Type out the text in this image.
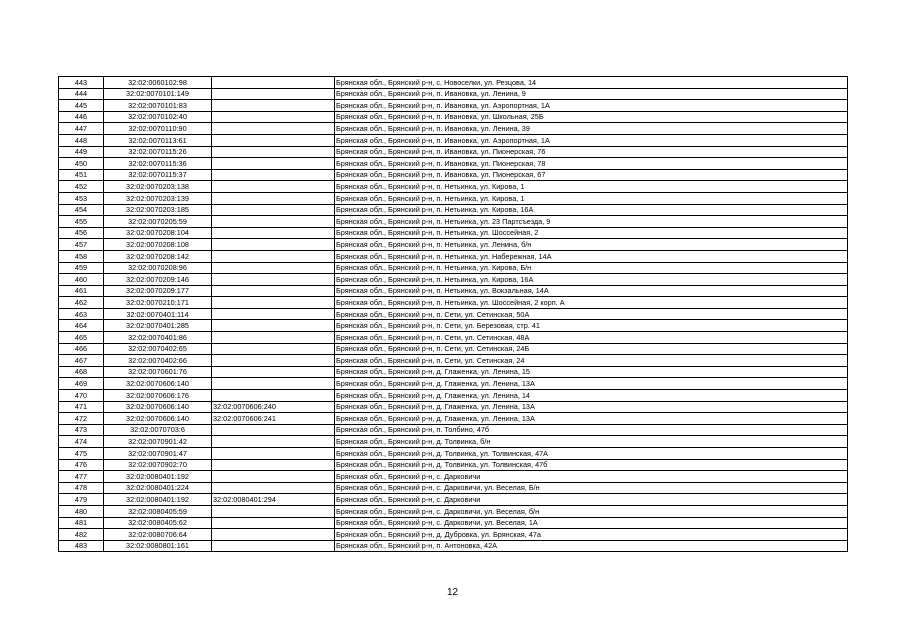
443	32:02:0060102:98		Брянская обл., Брянский р-н, с. Новоселки, ул. Резцова, 14
444	32:02:0070101:149		Брянская обл., Брянский р-н, п. Ивановка, ул. Ленина, 9
445	32:02:0070101:83		Брянская обл., Брянский р-н, п. Ивановка, ул. Аэропортная, 1А
446	32:02:0070102:40		Брянская обл., Брянский р-н, п. Ивановка, ул. Школьная, 25Б
447	32:02:0070110:90		Брянская обл., Брянский р-н, п. Ивановка, ул. Ленина, 39
448	32:02:0070113:61		Брянская обл., Брянский р-н, п. Ивановка, ул. Аэропортная, 1А
449	32:02:0070115:26		Брянская обл., Брянский р-н, п. Ивановка, ул. Пионерская, 76
450	32:02:0070115:36		Брянская обл., Брянский р-н, п. Ивановка, ул. Пионерская, 78
451	32:02:0070115:37		Брянская обл., Брянский р-н, п. Ивановка, ул. Пионерская, 67
452	32:02:0070203:138		Брянская обл., Брянский р-н, п. Нетьинка, ул. Кирова, 1
453	32:02:0070203:139		Брянская обл., Брянский р-н, п. Нетьинка, ул. Кирова, 1
454	32:02:0070203:185		Брянская обл., Брянский р-н, п. Нетьинка, ул. Кирова, 16А
455	32:02:0070205:59		Брянская обл., Брянский р-н, п. Нетьинка, ул. 23 Партсъезда, 9
456	32:02:0070208:104		Брянская обл., Брянский р-н, п. Нетьинка, ул. Шоссейная, 2
457	32:02:0070208:108		Брянская обл., Брянский р-н, п. Нетьинка, ул. Ленина, б/н
458	32:02:0070208:142		Брянская обл., Брянский р-н, п. Нетьинка, ул. Набережная, 14А
459	32:02:0070208:96		Брянская обл., Брянский р-н, п. Нетьинка, ул. Кирова, Б/н
460	32:02:0070209:146		Брянская обл., Брянский р-н, п. Нетьинка, ул. Кирова, 16А
461	32:02:0070209:177		Брянская обл., Брянский р-н, п. Нетьинка, ул. Вокзальная, 14А
462	32:02:0070210:171		Брянская обл., Брянский р-н, п. Нетьинка, ул. Шоссейная, 2 корп. А
463	32:02:0070401:114		Брянская обл., Брянский р-н, п. Сети, ул. Сетинская, 50А
464	32:02:0070401:285		Брянская обл., Брянский р-н, п. Сети, ул. Березовая, стр. 41
465	32:02:0070401:86		Брянская обл., Брянский р-н, п. Сети, ул. Сетинская, 48А
466	32:02:0070402:65		Брянская обл., Брянский р-н, п. Сети, ул. Сетинская, 24Б
467	32:02:0070402:66		Брянская обл., Брянский р-н, п. Сети, ул. Сетинская, 24
468	32:02:0070601:76		Брянская обл., Брянский р-н, д. Глаженка, ул. Ленина, 15
469	32:02:0070606:140		Брянская обл., Брянский р-н, д. Глаженка, ул. Ленина, 13А
470	32:02:0070606:176		Брянская обл., Брянский р-н, д. Глаженка, ул. Ленина, 14
471	32:02:0070606:140	32:02:0070606:240	Брянская обл., Брянский р-н, д. Глаженка, ул. Ленина, 13А
472	32:02:0070606:140	32:02:0070606:241	Брянская обл., Брянский р-н, д. Глаженка, ул. Ленина, 13А
473	32:02:0070703:6		Брянская обл., Брянский р-н, п. Толбино, 47б
474	32:02:0070901:42		Брянская обл., Брянский р-н, д. Толвинка, б/н
475	32:02:0070901:47		Брянская обл., Брянский р-н, д. Толвинка, ул. Толвинская, 47А
476	32:02:0070902:70		Брянская обл., Брянский р-н, д. Толвинка, ул. Толвинская, 47б
477	32:02:0080401:192		Брянская обл., Брянский р-н, с. Дарковичи
478	32:02:0080401:224		Брянская обл., Брянский р-н, с. Дарковичи, ул. Веселая, Б/н
479	32:02:0080401:192	32:02:0080401:294	Брянская обл., Брянский р-н, с. Дарковичи
480	32:02:0080405:59		Брянская обл., Брянский р-н, с. Дарковичи, ул. Веселая, б/н
481	32:02:0080405:62		Брянская обл., Брянский р-н, с. Дарковичи, ул. Веселая, 1А
482	32:02:0080706:64		Брянская обл., Брянский р-н, д. Дубровка, ул. Брянская, 47а
483	32:02:0080801:161		Брянская обл., Брянский р-н, п. Антоновка, 42А
12
